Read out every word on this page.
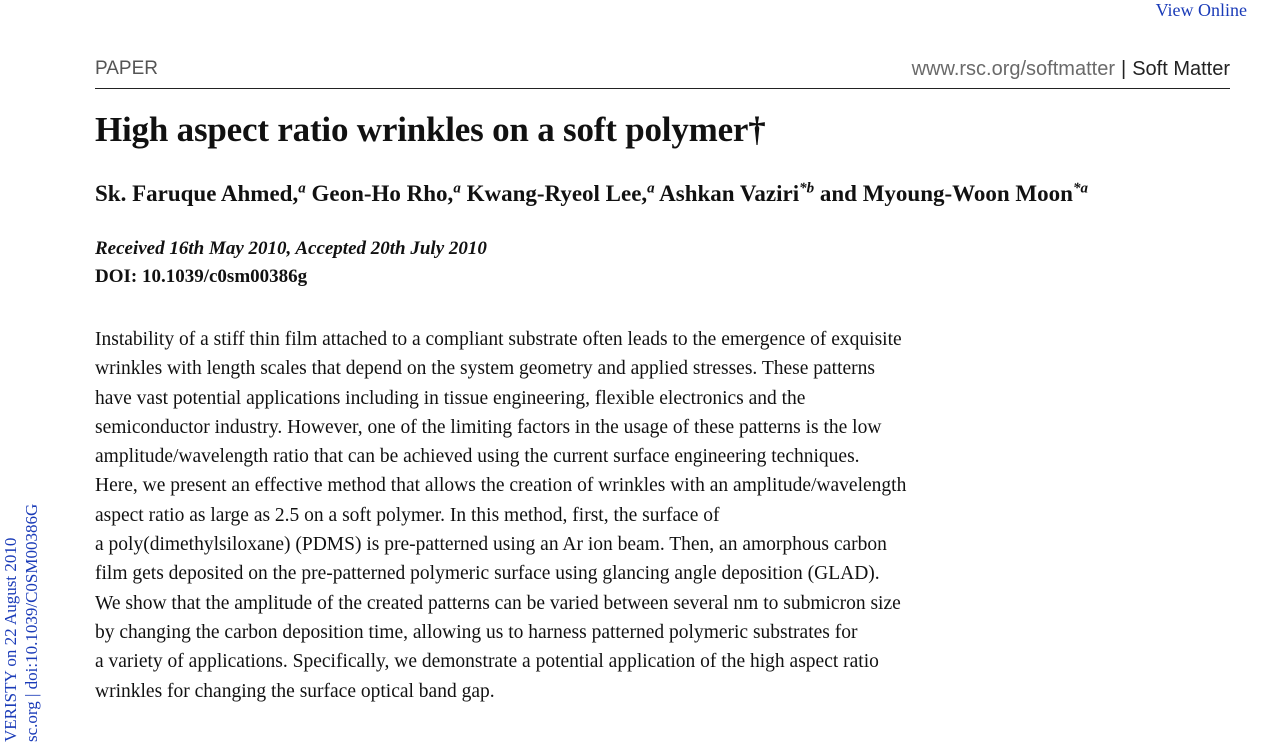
View Online
PAPER	www.rsc.org/softmatter | Soft Matter
High aspect ratio wrinkles on a soft polymer†
Sk. Faruque Ahmed,$^a$ Geon-Ho Rho,$^a$ Kwang-Ryeol Lee,$^a$ Ashkan Vaziri$^{*b}$ and Myoung-Woon Moon$^{*a}$
Received 16th May 2010, Accepted 20th July 2010
DOI: 10.1039/c0sm00386g
Instability of a stiff thin film attached to a compliant substrate often leads to the emergence of exquisite
wrinkles with length scales that depend on the system geometry and applied stresses. These patterns
have vast potential applications including in tissue engineering, flexible electronics and the
semiconductor industry. However, one of the limiting factors in the usage of these patterns is the low
amplitude/wavelength ratio that can be achieved using the current surface engineering techniques.
Here, we present an effective method that allows the creation of wrinkles with an amplitude/wavelength
aspect ratio as large as 2.5 on a soft polymer. In this method, first, the surface of
a poly(dimethylsiloxane) (PDMS) is pre-patterned using an Ar ion beam. Then, an amorphous carbon
film gets deposited on the pre-patterned polymeric surface using glancing angle deposition (GLAD).
We show that the amplitude of the created patterns can be varied between several nm to submicron size
by changing the carbon deposition time, allowing us to harness patterned polymeric substrates for
a variety of applications. Specifically, we demonstrate a potential application of the high aspect ratio
wrinkles for changing the surface optical band gap.
VERISTY on 22 August 2010 sc.org | doi:10.1039/C0SM00386G
